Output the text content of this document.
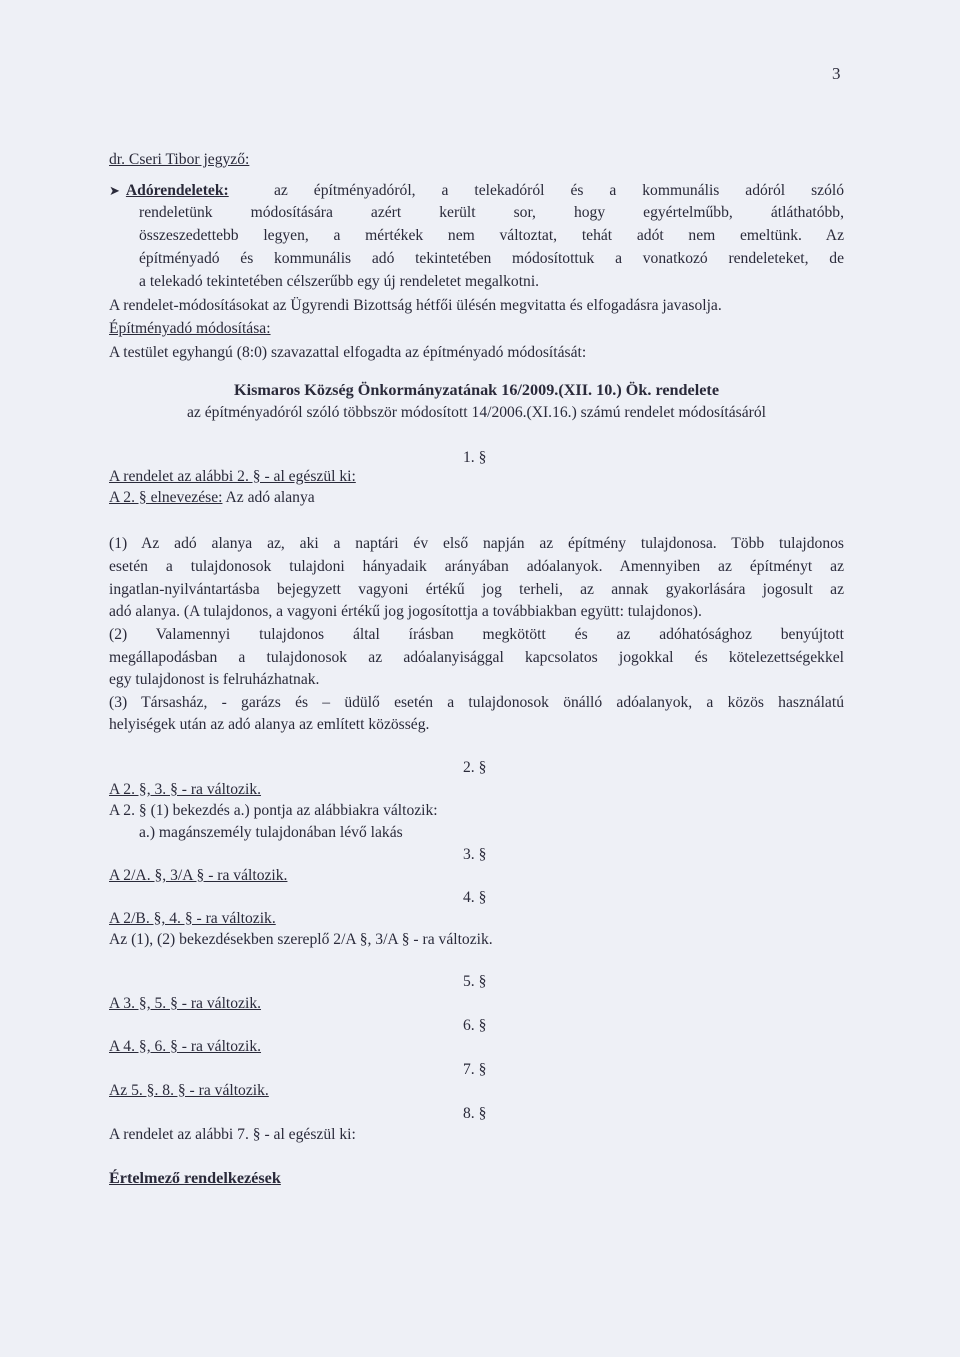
3
dr. Cseri Tibor jegyző:
➤ Adórendeletek:	az építményadóról, a telekadóról és a kommunális adóról szóló
rendeletünk módosítására azért került sor, hogy egyértelműbb, átláthatóbb,
összeszedettebb legyen, a mértékek nem változtat, tehát adót nem emeltünk. Az
építményadó és kommunális adó tekintetében módosítottuk a vonatkozó rendeleteket, de
a telekadó tekintetében célszerűbb egy új rendeletet megalkotni.
A rendelet-módosításokat az Ügyrendi Bizottság hétfői ülésén megvitatta és elfogadásra javasolja.
Építményadó módosítása:
A testület egyhangú (8:0) szavazattal elfogadta az építményadó módosítását:
Kismaros Község Önkormányzatának 16/2009.(XII. 10.) Ök. rendelete
az építményadóról szóló többször módosított 14/2006.(XI.16.) számú rendelet módosításáról
1. §
A rendelet az alábbi 2. § - al egészül ki:
A 2. § elnevezése: Az adó alanya
(1) Az adó alanya az, aki a naptári év első napján az építmény tulajdonosa. Több tulajdonos
esetén a tulajdonosok tulajdoni hányadaik arányában adóalanyok. Amennyiben az építményt az
ingatlan-nyilvántartásba bejegyzett vagyoni értékű jog terheli, az annak gyakorlására jogosult az
adó alanya. (A tulajdonos, a vagyoni értékű jog jogosítottja a továbbiakban együtt: tulajdonos).
(2) Valamennyi tulajdonos által írásban megkötött és az adóhatósághoz benyújtott
megállapodásban a tulajdonosok az adóalanyisággal kapcsolatos jogokkal és kötelezettségekkel
egy tulajdonost is felruházhatnak.
(3) Társasház, - garázs és – üdülő esetén a tulajdonosok önálló adóalanyok, a közös használatú
helyiségek után az adó alanya az említett közösség.
2. §
A 2. §, 3. § - ra változik.
A 2. § (1) bekezdés a.) pontja az alábbiakra változik:
a.) magánszemély tulajdonában lévő lakás
3. §
A 2/A. §, 3/A § - ra változik.
4. §
A 2/B. §, 4. § - ra változik.
Az (1), (2) bekezdésekben szereplő 2/A §, 3/A § - ra változik.
5. §
A 3. §, 5. § - ra változik.
6. §
A 4. §, 6. § - ra változik.
7. §
Az 5. §. 8. § - ra változik.
8. §
A rendelet az alábbi 7. § - al egészül ki:
Értelmező rendelkezések
